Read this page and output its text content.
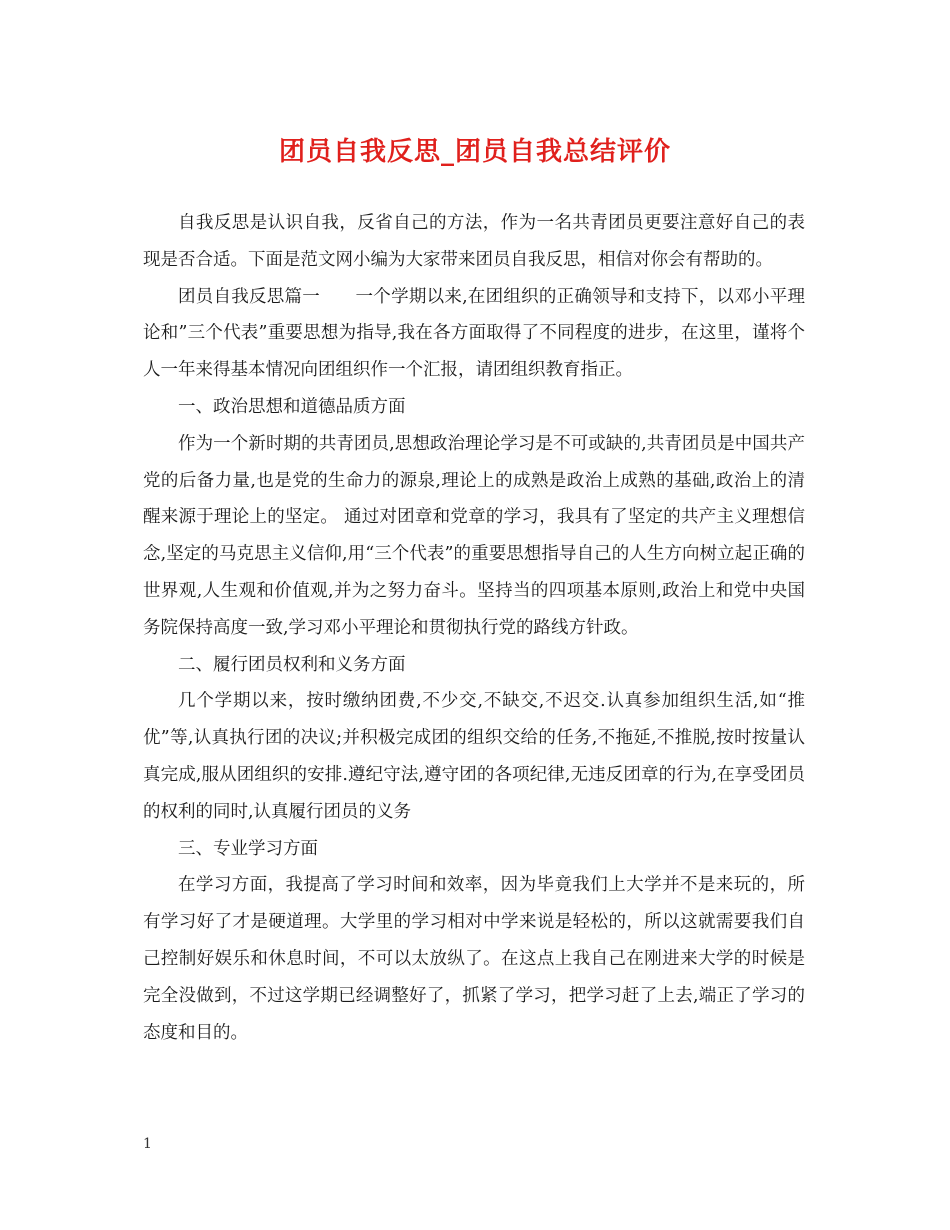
团员自我反思_团员自我总结评价

自我反思是认识自我，反省自己的方法，作为一名共青团员更要注意好自己的表现是否合适。下面是范文网小编为大家带来团员自我反思，相信对你会有帮助的。

团员自我反思篇一　　一个学期以来,在团组织的正确领导和支持下，以邓小平理论和”三个代表”重要思想为指导,我在各方面取得了不同程度的进步，在这里，谨将个人一年来得基本情况向团组织作一个汇报，请团组织教育指正。

一、政治思想和道德品质方面

作为一个新时期的共青团员,思想政治理论学习是不可或缺的,共青团员是中国共产党的后备力量,也是党的生命力的源泉,理论上的成熟是政治上成熟的基础,政治上的清醒来源于理论上的坚定。 通过对团章和党章的学习，我具有了坚定的共产主义理想信念,坚定的马克思主义信仰,用“三个代表”的重要思想指导自己的人生方向树立起正确的世界观,人生观和价值观,并为之努力奋斗。坚持当的四项基本原则,政治上和党中央国务院保持高度一致,学习邓小平理论和贯彻执行党的路线方针政。

二、履行团员权利和义务方面

几个学期以来，按时缴纳团费,不少交,不缺交,不迟交.认真参加组织生活,如“推优”等,认真执行团的决议;并积极完成团的组织交给的任务,不拖延,不推脱,按时按量认真完成,服从团组织的安排.遵纪守法,遵守团的各项纪律,无违反团章的行为,在享受团员的权利的同时,认真履行团员的义务

三、专业学习方面

在学习方面，我提高了学习时间和效率，因为毕竟我们上大学并不是来玩的，所有学习好了才是硬道理。大学里的学习相对中学来说是轻松的，所以这就需要我们自己控制好娱乐和休息时间，不可以太放纵了。在这点上我自己在刚进来大学的时候是完全没做到，不过这学期已经调整好了，抓紧了学习，把学习赶了上去,端正了学习的态度和目的。

1
